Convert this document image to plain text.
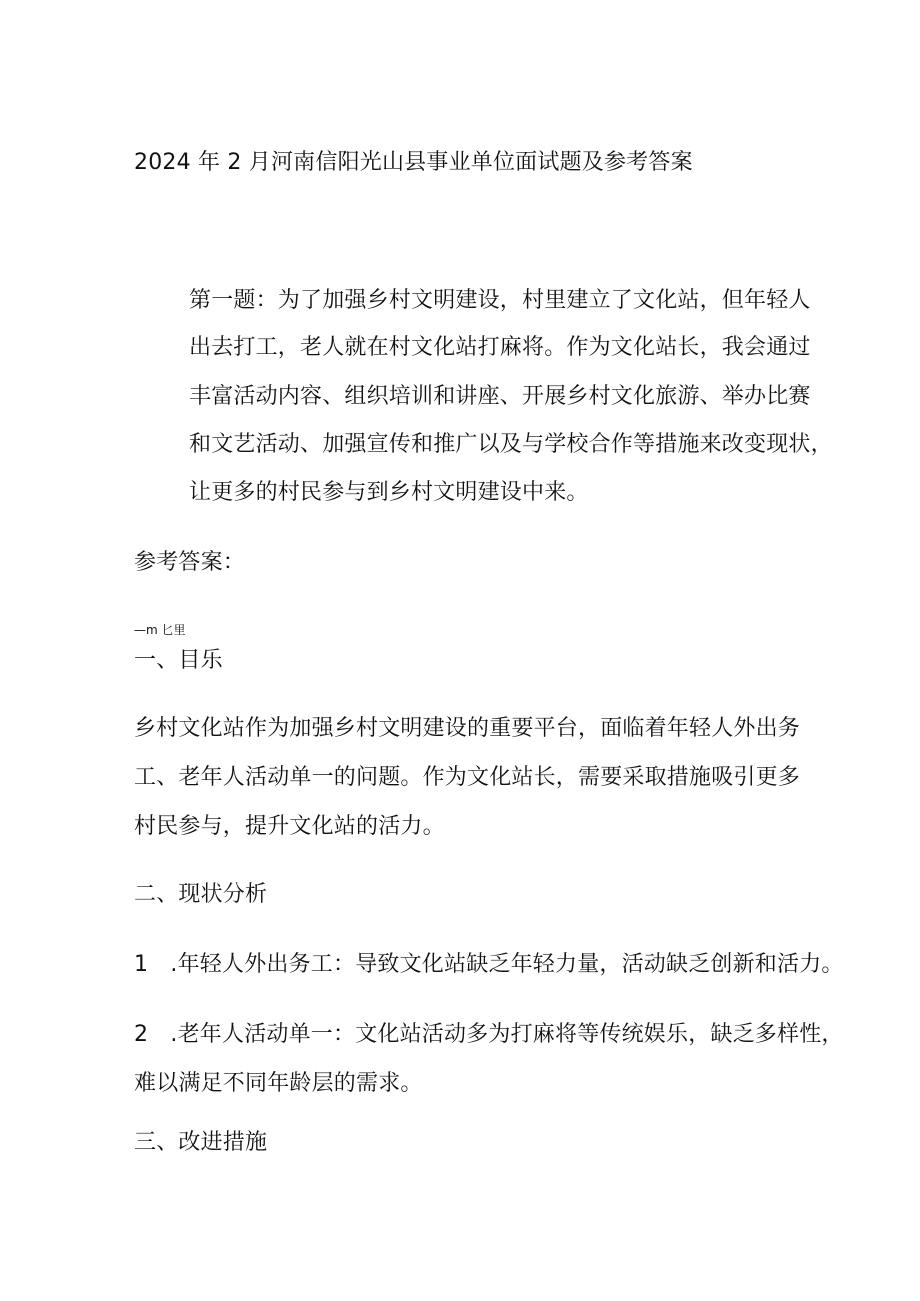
2024 年 2 月河南信阳光山县事业单位面试题及参考答案
第一题：为了加强乡村文明建设，村里建立了文化站，但年轻人
出去打工，老人就在村文化站打麻将。作为文化站长，我会通过
丰富活动内容、组织培训和讲座、开展乡村文化旅游、举办比赛
和文艺活动、加强宣传和推广以及与学校合作等措施来改变现状，
让更多的村民参与到乡村文明建设中来。
参考答案：
—m 匕里
一、目乐
乡村文化站作为加强乡村文明建设的重要平台，面临着年轻人外出务
工、老年人活动单一的问题。作为文化站长，需要采取措施吸引更多
村民参与，提升文化站的活力。
二、现状分析
1　.年轻人外出务工：导致文化站缺乏年轻力量，活动缺乏创新和活力。
2　.老年人活动单一：文化站活动多为打麻将等传统娱乐，缺乏多样性，
难以满足不同年龄层的需求。
三、改进措施
